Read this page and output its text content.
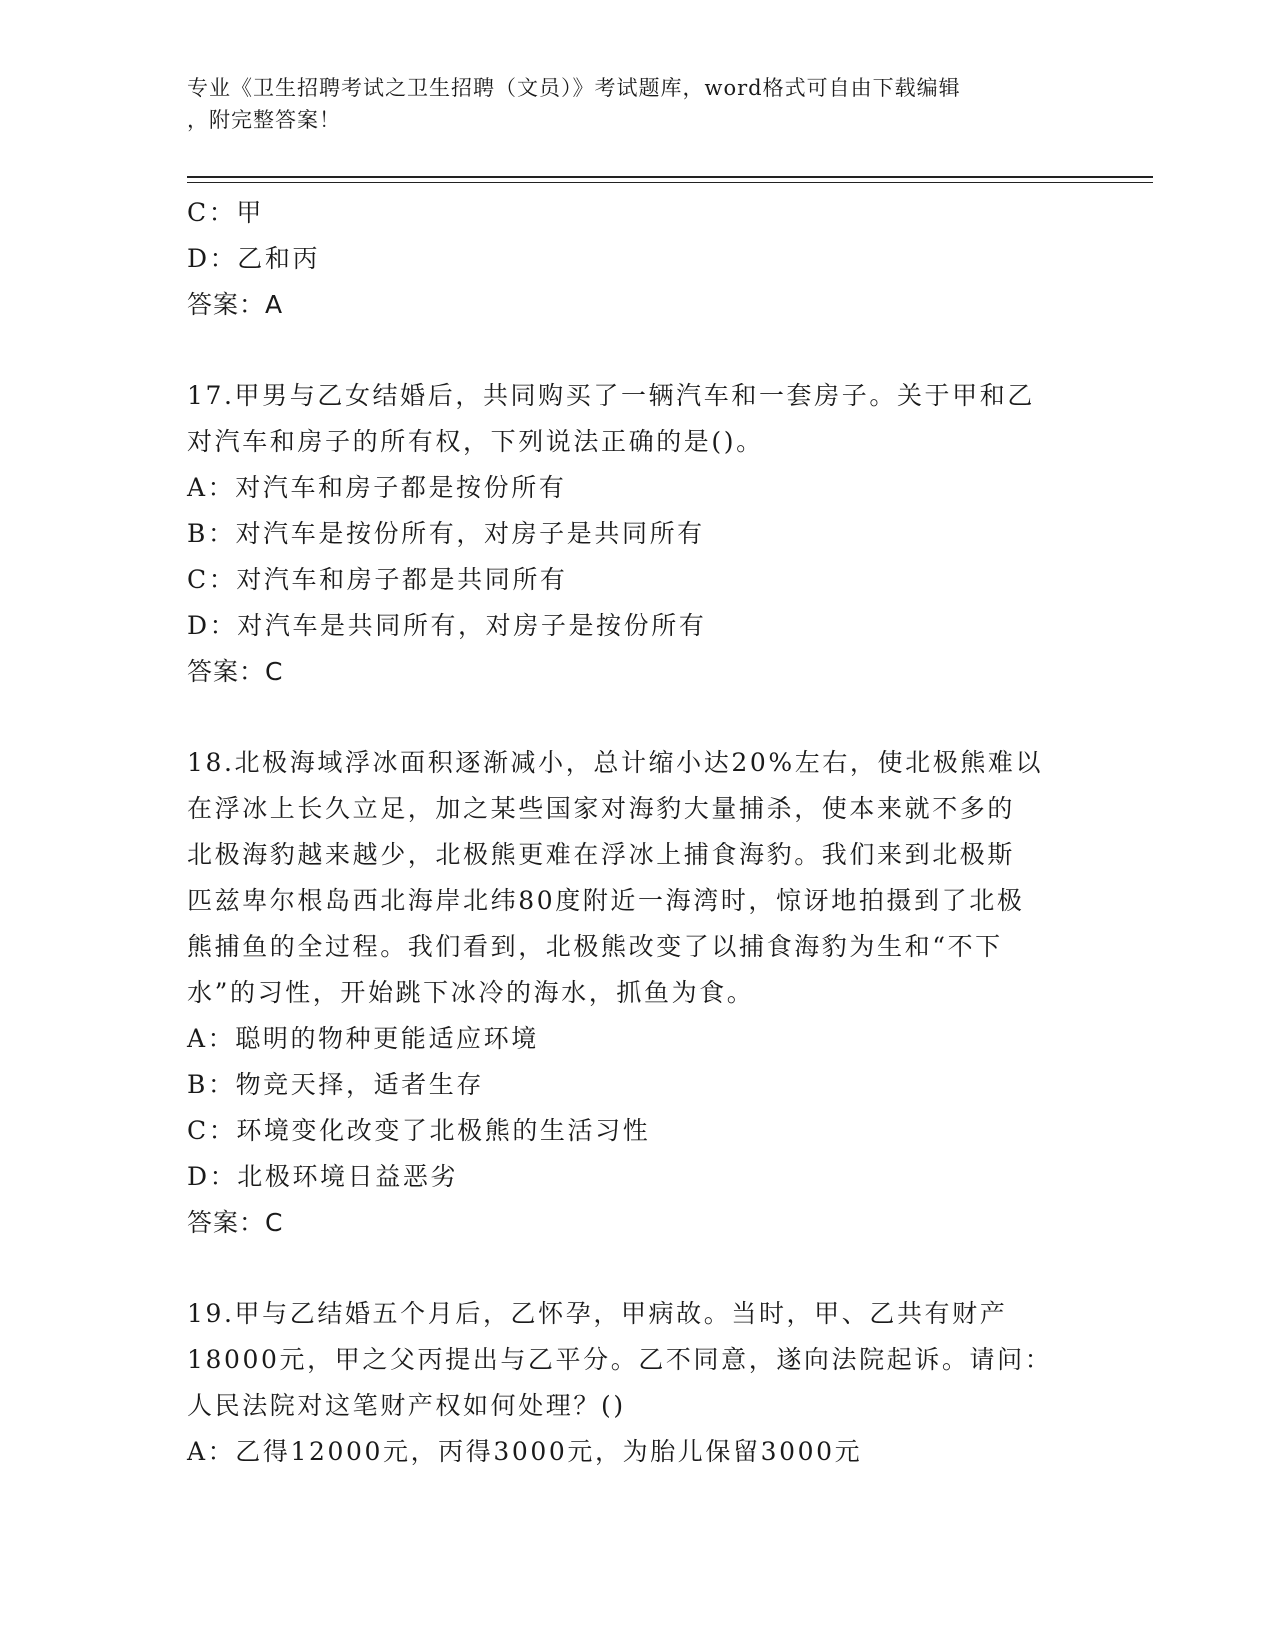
专业《卫生招聘考试之卫生招聘（文员）》考试题库，word格式可自由下载编辑
，附完整答案！
C：甲
D：乙和丙
答案：A
17.甲男与乙女结婚后，共同购买了一辆汽车和一套房子。关于甲和乙
对汽车和房子的所有权，下列说法正确的是()。
A：对汽车和房子都是按份所有
B：对汽车是按份所有，对房子是共同所有
C：对汽车和房子都是共同所有
D：对汽车是共同所有，对房子是按份所有
答案：C
18.北极海域浮冰面积逐渐减小，总计缩小达20%左右，使北极熊难以
在浮冰上长久立足，加之某些国家对海豹大量捕杀，使本来就不多的
北极海豹越来越少，北极熊更难在浮冰上捕食海豹。我们来到北极斯
匹兹卑尔根岛西北海岸北纬80度附近一海湾时，惊讶地拍摄到了北极
熊捕鱼的全过程。我们看到，北极熊改变了以捕食海豹为生和“不下
水”的习性，开始跳下冰冷的海水，抓鱼为食。
A：聪明的物种更能适应环境
B：物竞天择，适者生存
C：环境变化改变了北极熊的生活习性
D：北极环境日益恶劣
答案：C
19.甲与乙结婚五个月后，乙怀孕，甲病故。当时，甲、乙共有财产
18000元，甲之父丙提出与乙平分。乙不同意，遂向法院起诉。请问：
人民法院对这笔财产权如何处理？()
A：乙得12000元，丙得3000元，为胎儿保留3000元
